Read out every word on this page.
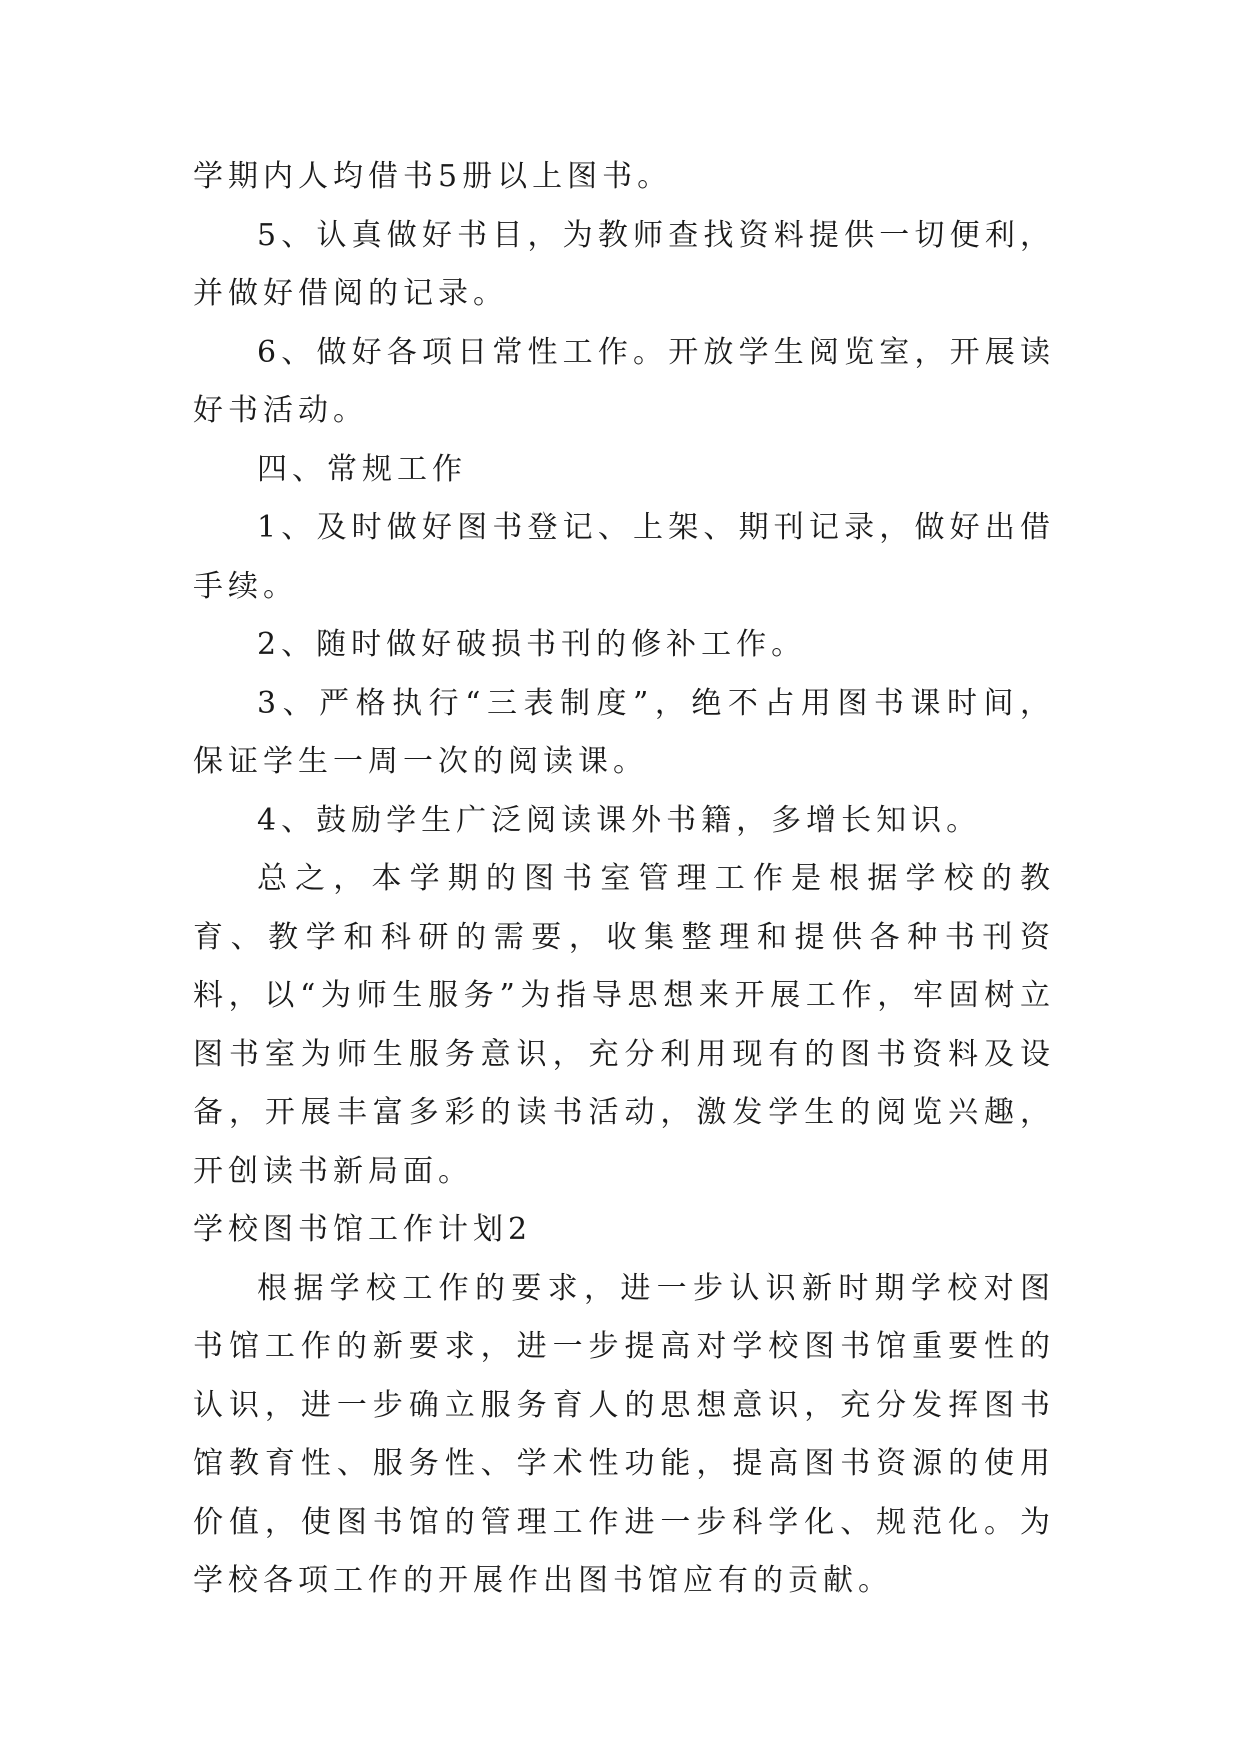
学期内人均借书5册以上图书。

5、认真做好书目，为教师查找资料提供一切便利，并做好借阅的记录。

6、做好各项日常性工作。开放学生阅览室，开展读好书活动。

四、常规工作

1、及时做好图书登记、上架、期刊记录，做好出借手续。

2、随时做好破损书刊的修补工作。

3、严格执行“三表制度”，绝不占用图书课时间，保证学生一周一次的阅读课。

4、鼓励学生广泛阅读课外书籍，多增长知识。

总之，本学期的图书室管理工作是根据学校的教育、教学和科研的需要，收集整理和提供各种书刊资料，以“为师生服务”为指导思想来开展工作，牢固树立图书室为师生服务意识，充分利用现有的图书资料及设备，开展丰富多彩的读书活动，激发学生的阅览兴趣，开创读书新局面。

学校图书馆工作计划2

根据学校工作的要求，进一步认识新时期学校对图书馆工作的新要求，进一步提高对学校图书馆重要性的认识，进一步确立服务育人的思想意识，充分发挥图书馆教育性、服务性、学术性功能，提高图书资源的使用价值，使图书馆的管理工作进一步科学化、规范化。为学校各项工作的开展作出图书馆应有的贡献。
